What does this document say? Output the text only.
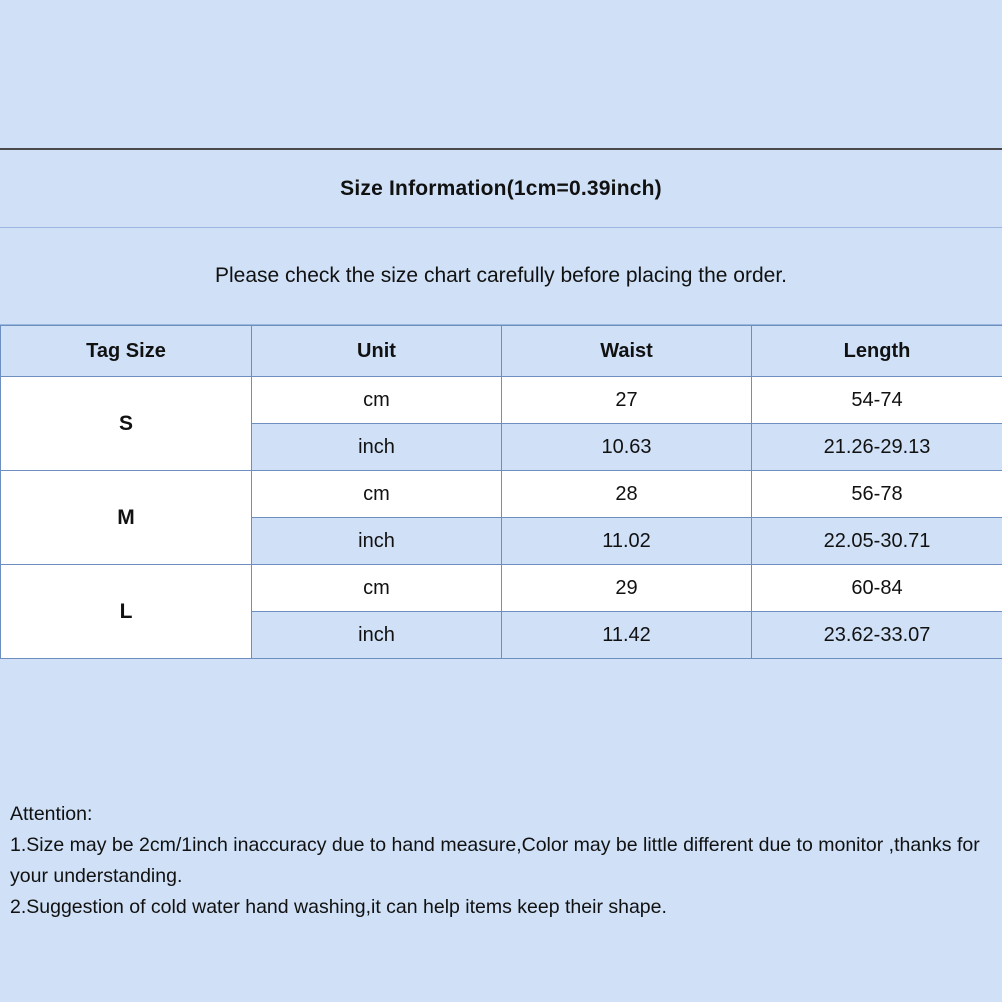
Size Information(1cm=0.39inch)
Please check the size chart carefully before placing the order.
Tag Size	Unit	Waist	Length
S	cm	27	54-74
	inch	10.63	21.26-29.13
M	cm	28	56-78
	inch	11.02	22.05-30.71
L	cm	29	60-84
	inch	11.42	23.62-33.07
Attention:
1.Size may be 2cm/1inch inaccuracy due to hand measure,Color may be little different due to monitor ,thanks for your understanding.
2.Suggestion of cold water hand washing,it can help items keep their shape.
